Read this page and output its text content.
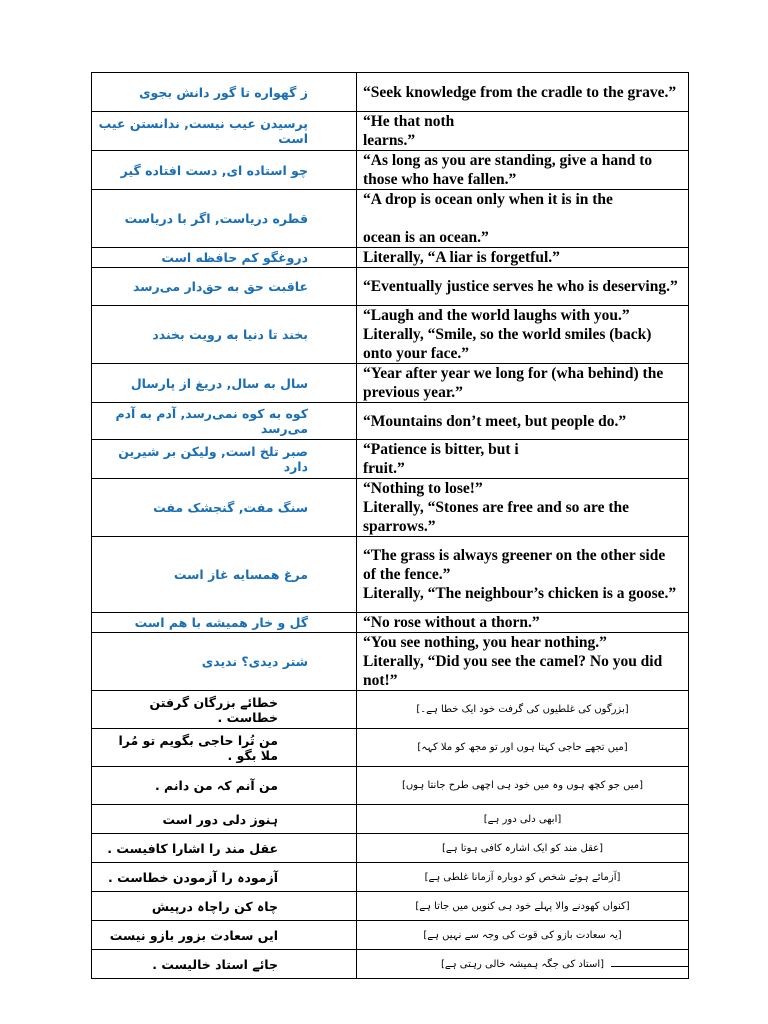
ز گهواره تا گور دانش بجوی	“Seek knowledge from the cradle to the grave.”

پرسیدن عیب نیست, ندانستن عیب است	“He that noth
learns.”

چو استاده ای, دست افتاده گیر	“As long as you are standing, give a hand to those who have fallen.”

قطره دریاست, اگر با دریاست	“A drop is ocean only when it is in the

ocean is an ocean.”

دروغگو کم حافظه است	Literally, “A liar is forgetful.”

عاقبت حق به حق‌دار می‌رسد	“Eventually justice serves he who is deserving.”

بخند تا دنیا به رویت بخندد	“Laugh and the world laughs with you.”
Literally, “Smile, so the world smiles (back) onto your face.”

سال به سال, دریغ از پارسال	“Year after year we long for (wha behind) the previous year.”

کوه به کوه نمی‌رسد, آدم به آدم می‌رسد	“Mountains don’t meet, but people do.”

صبر تلخ است, ولیکن بر شیرین دارد	“Patience is bitter, but i
fruit.”

سنگ مفت, گنجشک مفت	“Nothing to lose!”
Literally, “Stones are free and so are the sparrows.”

مرغ همسایه غاز است	“The grass is always greener on the other side of the fence.”
Literally, “The neighbour’s chicken is a goose.”

گل و خار همیشه با هم است	“No rose without a thorn.”

شتر دیدی؟ ندیدی	“You see nothing, you hear nothing.”
Literally, “Did you see the camel? No you did not!”

خطائے بزرگان گرفتن خطاست .	[بزرگوں کی غلطیوں کی گرفت خود ایک خطا ہے۔]

من تُرا حاجی بگویم تو مُرا ملا بگو .	[میں تجھے حاجی کہتا ہوں اور تو مجھ کو ملا کہہ]

من آنم کہ من دانم .	[میں جو کچھ ہوں وہ میں خود ہی اچھی طرح جانتا ہوں]

ہنوز دلی دور است	[ابھی دلی دور ہے]

عقل مند را اشارا کافیست .	[عقل مند کو ایک اشارہ کافی ہوتا ہے]

آزمودہ را آزمودن خطاست .	[آزمائے ہوئے شخص کو دوبارہ آزمانا غلطی ہے]

چاہ کن راچاہ درپیش	[کنواں کھودنے والا پہلے خود ہی کنویں میں جاتا ہے]

ایں سعادت بزور بازو نیست	[یہ سعادت بازو کی قوت کی وجہ سے نہیں ہے]

جائے استاد خالیست .	[استاد کی جگہ ہمیشہ خالی رہتی ہے]
